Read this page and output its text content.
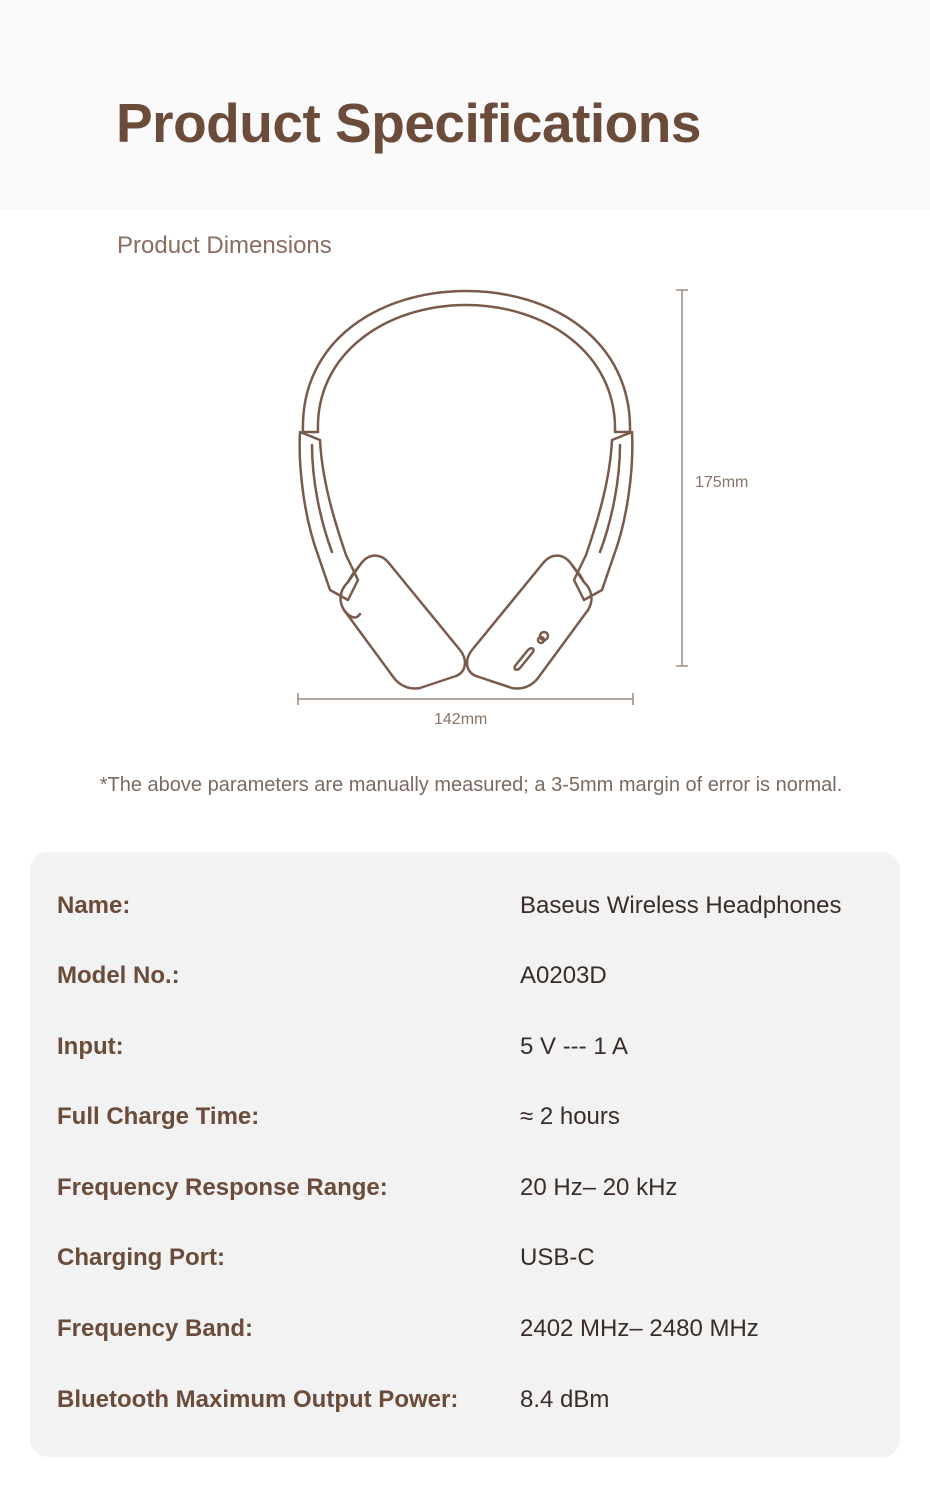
Product Specifications
Product Dimensions
175mm
142mm
*The above parameters are manually measured; a 3-5mm margin of error is normal.
Name:	Baseus Wireless Headphones
Model No.:	A0203D
Input:	5 V --- 1 A
Full Charge Time:	≈ 2 hours
Frequency Response Range:	20 Hz– 20 kHz
Charging Port:	USB-C
Frequency Band:	2402 MHz– 2480 MHz
Bluetooth Maximum Output Power:	8.4 dBm
